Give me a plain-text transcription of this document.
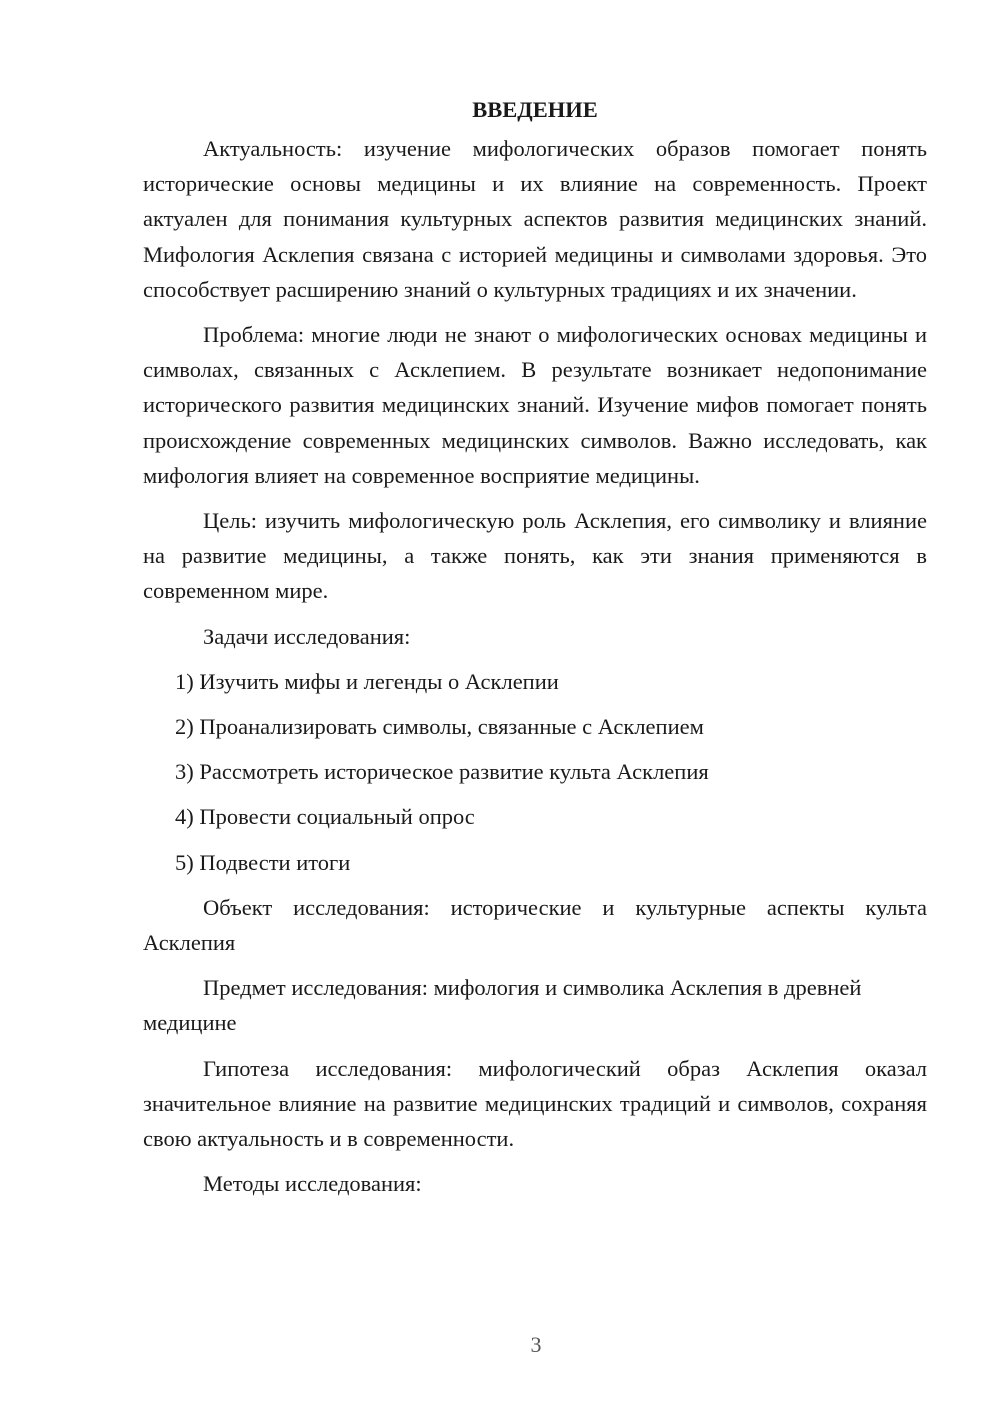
ВВЕДЕНИЕ

Актуальность: изучение мифологических образов помогает понять исторические основы медицины и их влияние на современность. Проект актуален для понимания культурных аспектов развития медицинских знаний. Мифология Асклепия связана с историей медицины и символами здоровья. Это способствует расширению знаний о культурных традициях и их значении.

Проблема: многие люди не знают о мифологических основах медицины и символах, связанных с Асклепием. В результате возникает недопонимание исторического развития медицинских знаний. Изучение мифов помогает понять происхождение современных медицинских символов. Важно исследовать, как мифология влияет на современное восприятие медицины.

Цель: изучить мифологическую роль Асклепия, его символику и влияние на развитие медицины, а также понять, как эти знания применяются в современном мире.

Задачи исследования:

1) Изучить мифы и легенды о Асклепии
2) Проанализировать символы, связанные с Асклепием
3) Рассмотреть историческое развитие культа Асклепия
4) Провести социальный опрос
5) Подвести итоги

Объект исследования: исторические и культурные аспекты культа Асклепия

Предмет исследования: мифология и символика Асклепия в древней медицине

Гипотеза исследования: мифологический образ Асклепия оказал значительное влияние на развитие медицинских традиций и символов, сохраняя свою актуальность и в современности.

Методы исследования:

3
